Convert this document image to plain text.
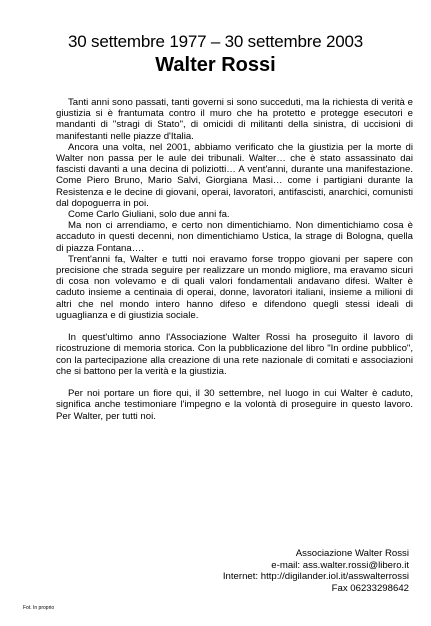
30 settembre 1977 – 30 settembre 2003
Walter Rossi

Tanti anni sono passati, tanti governi si sono succeduti, ma la richiesta di verità e giustizia si è frantumata contro il muro che ha protetto e protegge esecutori e mandanti di "stragi di Stato", di omicidi di militanti della sinistra, di uccisioni di manifestanti nelle piazze d'Italia.

Ancora una volta, nel 2001, abbiamo verificato che la giustizia per la morte di Walter non passa per le aule dei tribunali. Walter… che è stato assassinato dai fascisti davanti a una decina di poliziotti… A vent'anni, durante una manifestazione. Come Piero Bruno, Mario Salvi, Giorgiana Masi… come i partigiani durante la Resistenza e le decine di giovani, operai, lavoratori, antifascisti, anarchici, comunisti dal dopoguerra in poi.

Come Carlo Giuliani, solo due anni fa.

Ma non ci arrendiamo, e certo non dimentichiamo. Non dimentichiamo cosa è accaduto in questi decenni, non dimentichiamo Ustica, la strage di Bologna, quella di piazza Fontana….

Trent'anni fa, Walter e tutti noi eravamo forse troppo giovani per sapere con precisione che strada seguire per realizzare un mondo migliore, ma eravamo sicuri di cosa non volevamo e di quali valori fondamentali andavano difesi. Walter è caduto insieme a centinaia di operai, donne, lavoratori italiani, insieme a milioni di altri che nel mondo intero hanno difeso e difendono quegli stessi ideali di uguaglianza e di giustizia sociale.

In quest'ultimo anno l'Associazione Walter Rossi ha proseguito il lavoro di ricostruzione di memoria storica. Con la pubblicazione del libro "In ordine pubblico", con la partecipazione alla creazione di una rete nazionale di comitati e associazioni che si battono per la verità e la giustizia.

Per noi portare un fiore qui, il 30 settembre, nel luogo in cui Walter è caduto, significa anche testimoniare l'impegno e la volontà di proseguire in questo lavoro. Per Walter, per tutti noi.

Associazione Walter Rossi
e-mail: ass.walter.rossi@libero.it
Internet: http://digilander.iol.it/asswalterrossi
Fax 06233298642
Fot. In proprio
